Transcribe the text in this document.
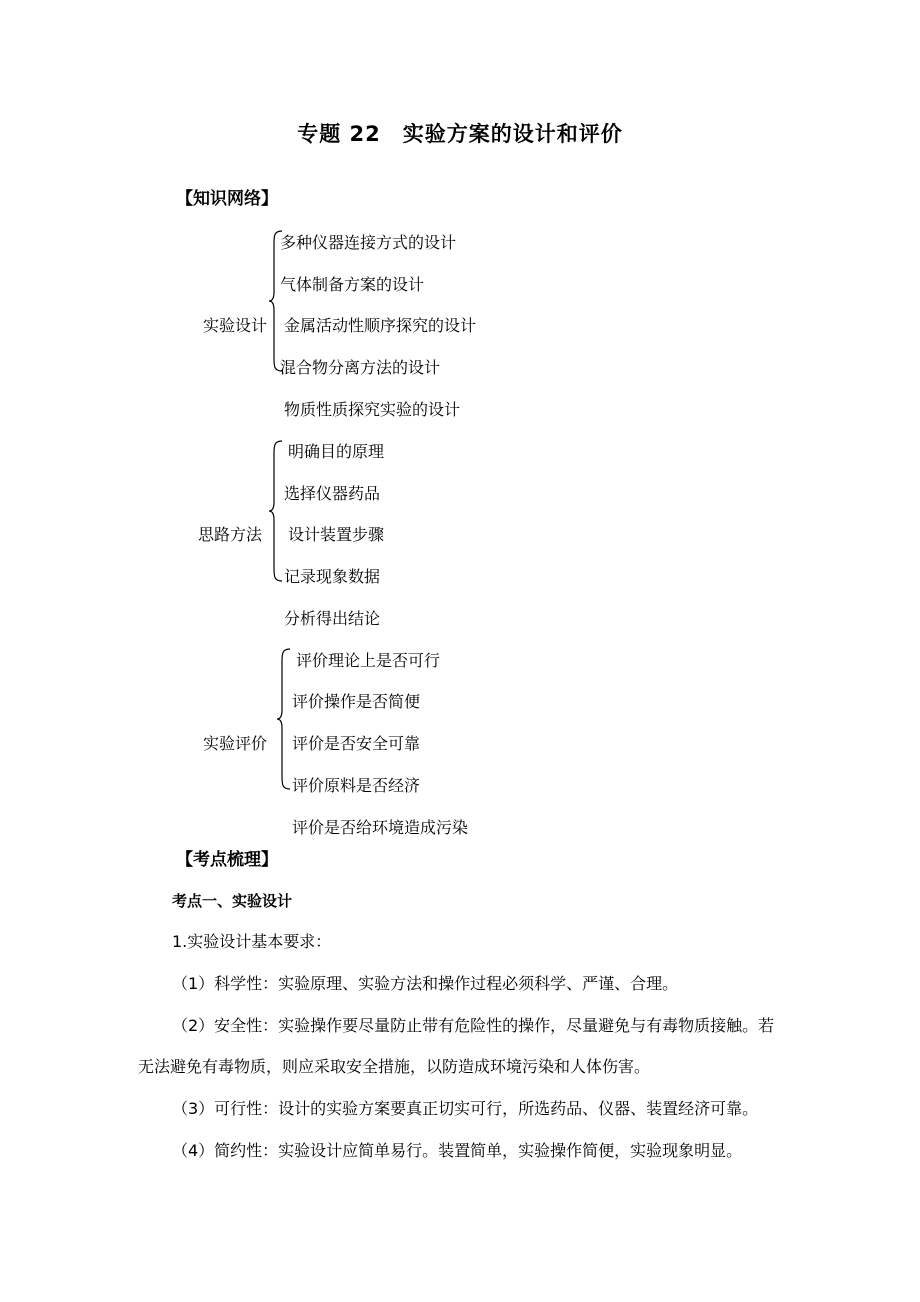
专题 22　实验方案的设计和评价
【知识网络】
实验设计
多种仪器连接方式的设计
气体制备方案的设计
金属活动性顺序探究的设计
混合物分离方法的设计
物质性质探究实验的设计
思路方法
明确目的原理
选择仪器药品
设计装置步骤
记录现象数据
分析得出结论
实验评价
评价理论上是否可行
评价操作是否简便
评价是否安全可靠
评价原料是否经济
评价是否给环境造成污染
【考点梳理】
考点一、实验设计
1.实验设计基本要求：
（1）科学性：实验原理、实验方法和操作过程必须科学、严谨、合理。
（2）安全性：实验操作要尽量防止带有危险性的操作，尽量避免与有毒物质接触。若
无法避免有毒物质，则应采取安全措施，以防造成环境污染和人体伤害。
（3）可行性：设计的实验方案要真正切实可行，所选药品、仪器、装置经济可靠。
（4）简约性：实验设计应简单易行。装置简单，实验操作简便，实验现象明显。
